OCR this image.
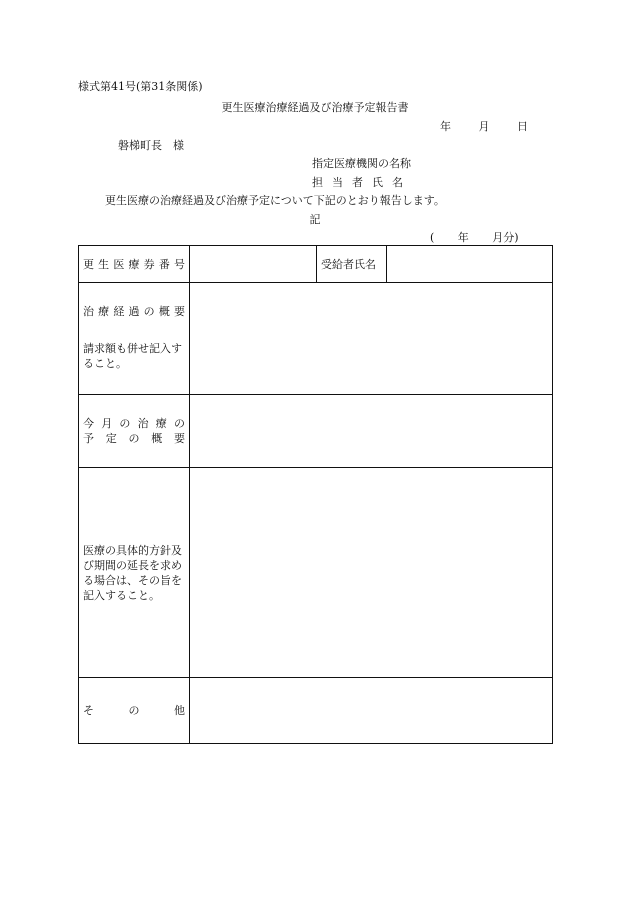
様式第41号(第31条関係)
更生医療治療経過及び治療予定報告書
年 月 日
磐梯町長　様
指定医療機関の名称
担当者氏名
更生医療の治療経過及び治療予定について下記のとおり報告します。
記
( 年 月分)
更生医療券番号		受給者氏名	

治療経過の概要
請求額も併せ記入すること。			

今月の治療の
予定の概要			

医療の具体的方針及び期間の延長を求める場合は、その旨を記入すること。			

その他			
